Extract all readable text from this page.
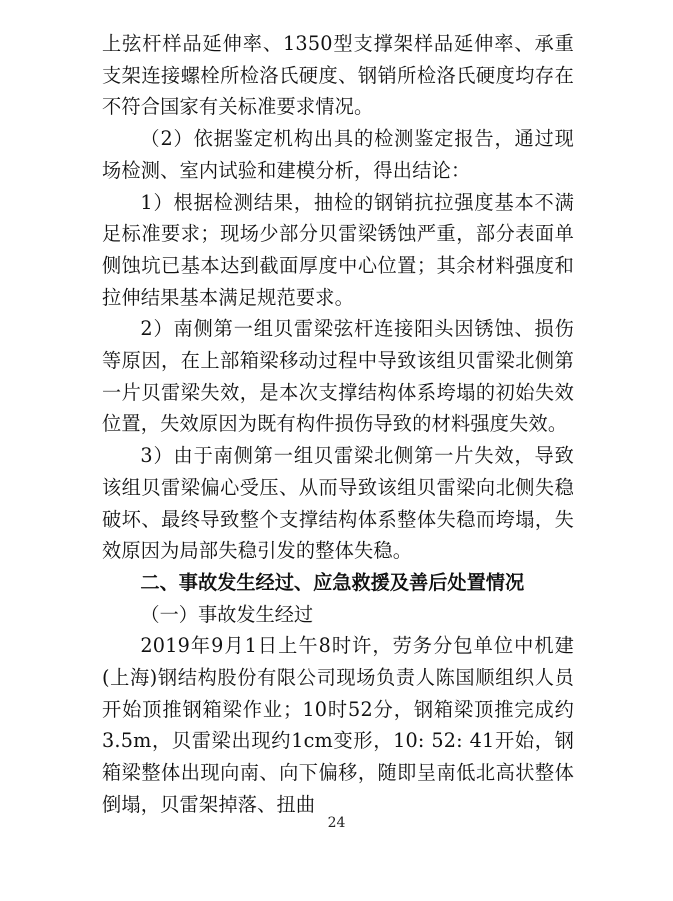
上弦杆样品延伸率、1350型支撑架样品延伸率、承重支架连接螺栓所检洛氏硬度、钢销所检洛氏硬度均存在不符合国家有关标准要求情况。

（2）依据鉴定机构出具的检测鉴定报告，通过现场检测、室内试验和建模分析，得出结论：

1）根据检测结果，抽检的钢销抗拉强度基本不满足标准要求；现场少部分贝雷梁锈蚀严重，部分表面单侧蚀坑已基本达到截面厚度中心位置；其余材料强度和拉伸结果基本满足规范要求。

2）南侧第一组贝雷梁弦杆连接阳头因锈蚀、损伤等原因，在上部箱梁移动过程中导致该组贝雷梁北侧第一片贝雷梁失效，是本次支撑结构体系垮塌的初始失效位置，失效原因为既有构件损伤导致的材料强度失效。

3）由于南侧第一组贝雷梁北侧第一片失效，导致该组贝雷梁偏心受压、从而导致该组贝雷梁向北侧失稳破坏、最终导致整个支撑结构体系整体失稳而垮塌，失效原因为局部失稳引发的整体失稳。

二、事故发生经过、应急救援及善后处置情况

（一）事故发生经过

2019年9月1日上午8时许，劳务分包单位中机建(上海)钢结构股份有限公司现场负责人陈国顺组织人员开始顶推钢箱梁作业；10时52分，钢箱梁顶推完成约3.5m，贝雷梁出现约1cm变形，10: 52: 41开始，钢箱梁整体出现向南、向下偏移，随即呈南低北高状整体倒塌，贝雷架掉落、扭曲

24
